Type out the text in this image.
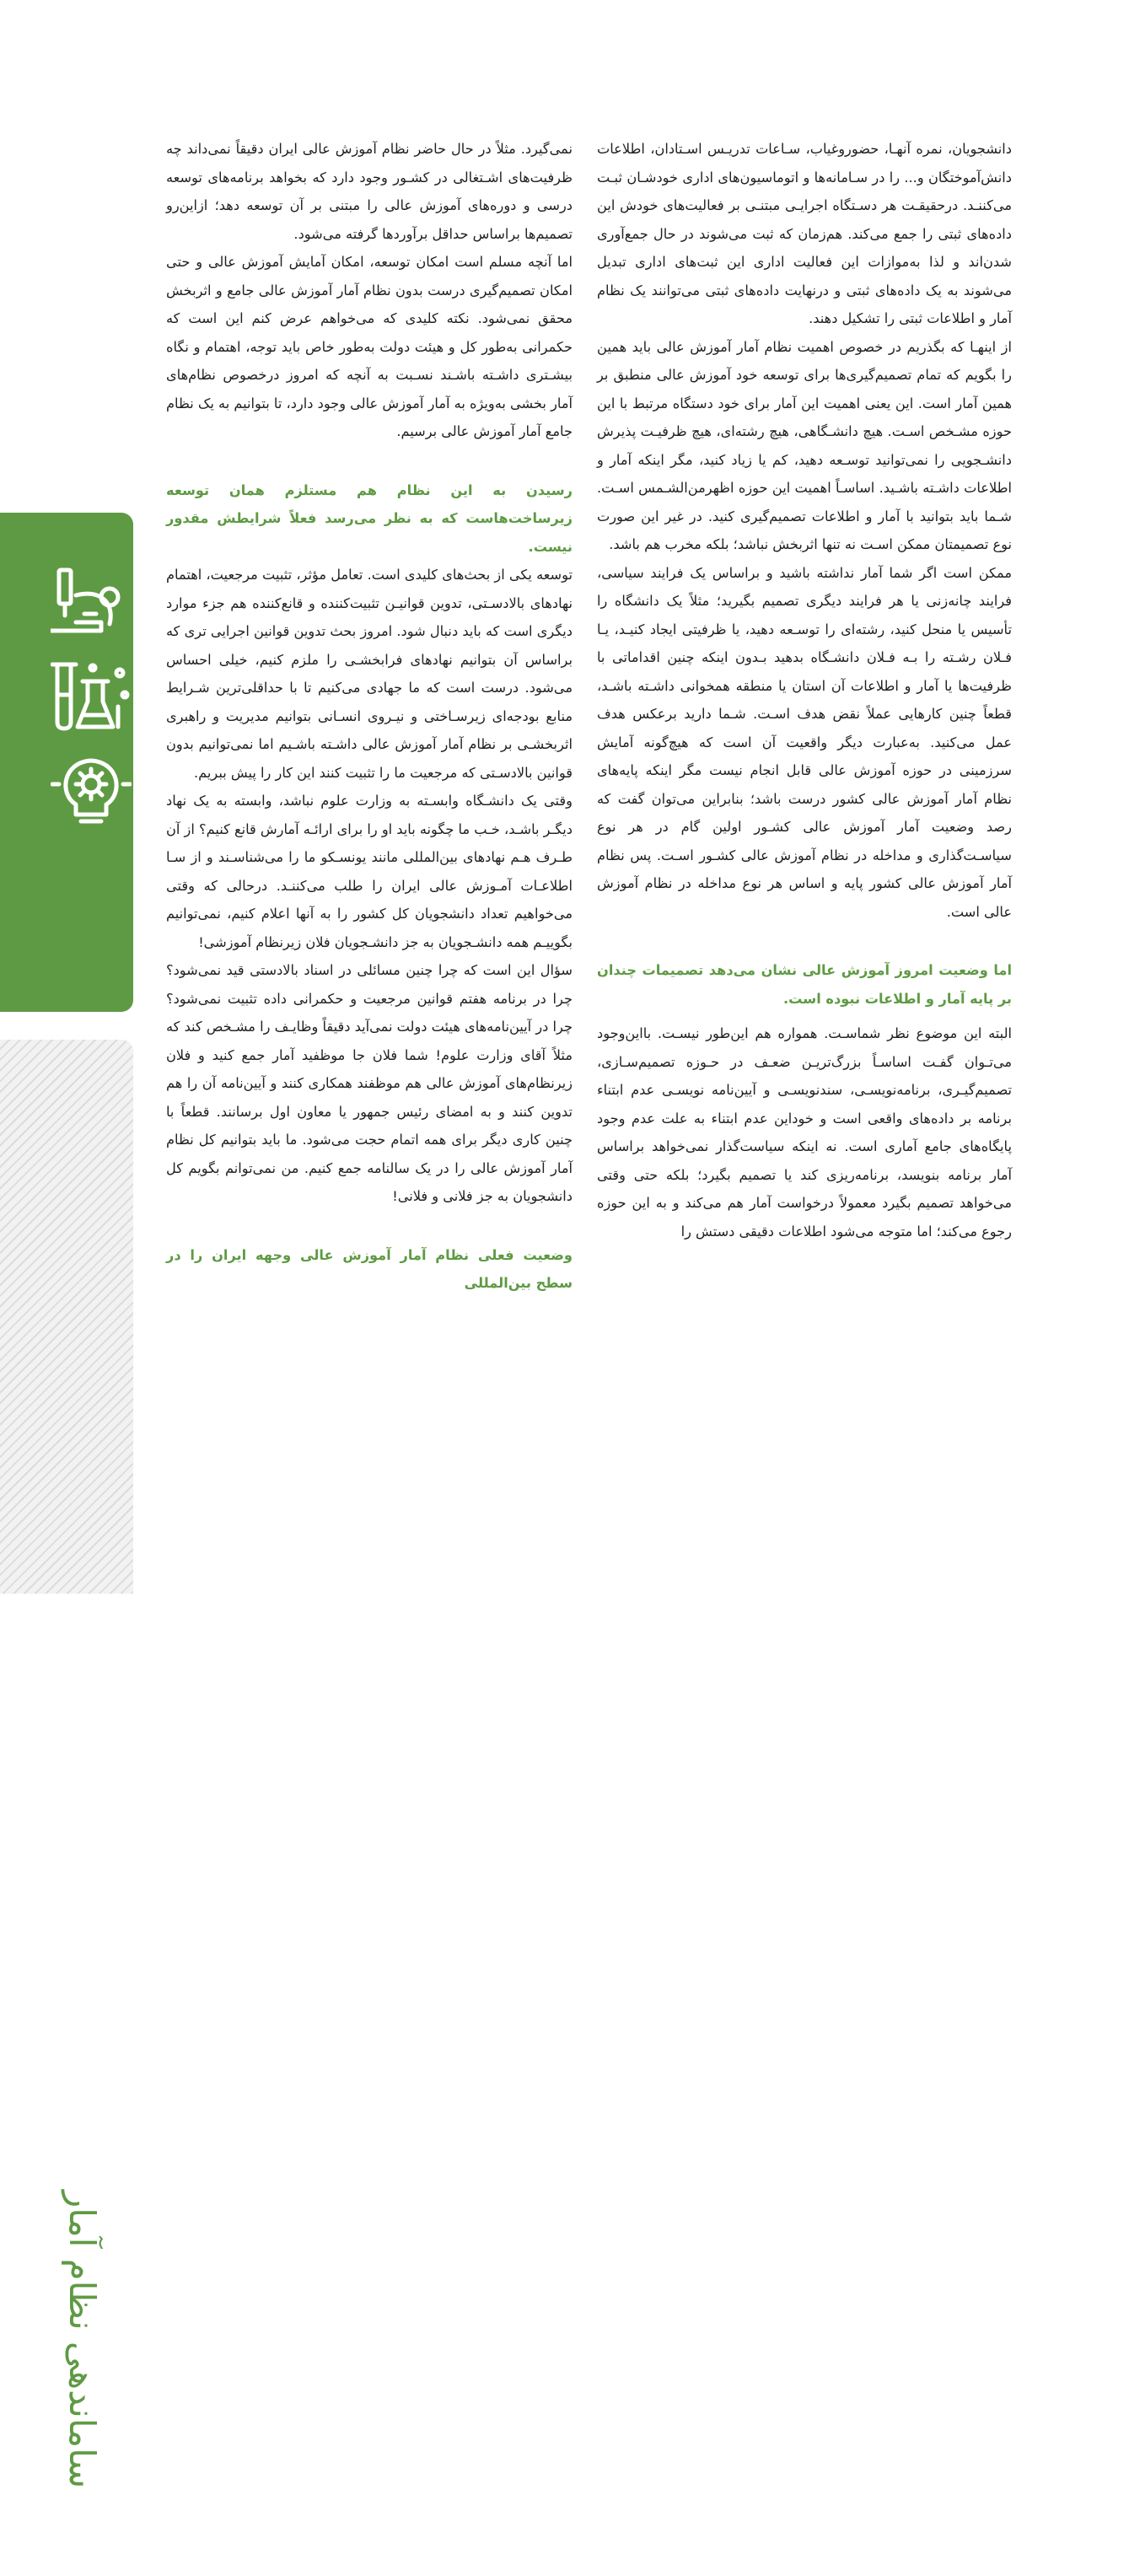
ساماندهی نظام آمار

دانشجویان، نمره آنهـا، حضوروغیاب، سـاعات تدریـس اسـتادان، اطلاعات دانش‌آموختگان و... را در سـامانه‌ها و اتوماسیون‌های اداری خودشـان ثبـت می‌کننـد. درحقیقـت هر دسـتگاه اجرایـی مبتنـی بر فعالیت‌های خودش این داده‌های ثبتی را جمع می‌کند. هم‌زمان که ثبت می‌شوند در حال جمع‌آوری شدن‌اند و لذا به‌موازات این فعالیت اداری این ثبت‌های اداری تبدیل می‌شوند به یک داده‌های ثبتی و درنهایت داده‌های ثبتی می‌توانند یک نظام آمار و اطلاعات ثبتی را تشکیل دهند.

از اینهـا که بگذریم در خصوص اهمیت نظام آمار آموزش عالی باید همین را بگویم که تمام تصمیم‌گیری‌ها برای توسعه خود آموزش عالی منطبق بر همین آمار است. این یعنی اهمیت این آمار برای خود دستگاه مرتبط با این حوزه مشـخص اسـت. هیچ دانشـگاهی، هیچ رشته‌ای، هیچ ظرفیـت پذیرش دانشـجویی را نمی‌توانید توسـعه دهید، کم یا زیاد کنید، مگر اینکه آمار و اطلاعات داشـته باشـید. اساسـاً اهمیت این حوزه اظهرمن‌الشـمس اسـت. شـما باید بتوانید با آمار و اطلاعات تصمیم‌گیری کنید. در غیر این صورت نوع تصمیمتان ممکن اسـت نه تنها اثربخش نباشد؛ بلکه مخرب هم باشد.

ممکن است اگر شما آمار نداشته باشید و براساس یک فرایند سیاسی، فرایند چانه‌زنی یا هر فرایند دیگری تصمیم بگیرید؛ مثلاً یک دانشگاه را تأسیس یا منحل کنید، رشته‌ای را توسـعه دهید، یا ظرفیتی ایجاد کنیـد، یـا فـلان رشـته را بـه فـلان دانشـگاه بدهید بـدون اینکه چنین اقداماتی با ظرفیت‌ها یا آمار و اطلاعات آن استان یا منطقه همخوانی داشـته باشـد، قطعاً چنین کارهایی عملاً نقض هدف اسـت. شـما دارید برعکس هدف عمل می‌کنید. به‌عبارت دیگر واقعیت آن است که هیچ‌گونه آمایش سرزمینی در حوزه آموزش عالی قابل انجام نیست مگر اینکه پایه‌های نظام آمار آموزش عالی کشور درست باشد؛ بنابراین می‌توان گفت که رصد وضعیت آمار آموزش عالی کشـور اولین گام در هر نوع سیاسـت‌گذاری و مداخله در نظام آموزش عالی کشـور اسـت. پس نظام آمار آموزش عالی کشور پایه و اساس هر نوع مداخله در نظام آموزش عالی است.

اما وضعیت امروز آموزش عالی نشان می‌دهد تصمیمات چندان بر پایه آمار و اطلاعات نبوده است.

البته این موضوع نظر شماسـت. همواره هم این‌طور نیسـت. بااین‌وجود می‌تـوان گفـت اساسـاً بزرگ‌تریـن ضعـف در حـوزه تصمیم‌سـازی، تصمیم‌گیـری، برنامه‌نویسـی، سندنویسـی و آیین‌نامه نویسـی عدم ابتناء برنامه بر داده‌های واقعی است و خوداین عدم ابتناء به علت عدم وجود پایگاه‌های جامع آماری است. نه اینکه سیاست‌گذار نمی‌خواهد براساس آمار برنامه بنویسد، برنامه‌ریزی کند یا تصمیم بگیرد؛ بلکه حتی وقتی می‌خواهد تصمیم بگیرد معمولاً درخواست آمار هم می‌کند و به این حوزه رجوع می‌کند؛ اما متوجه می‌شود اطلاعات دقیقی دستش را

نمی‌گیرد. مثلاً در حال حاضر نظام آموزش عالی ایران دقیقاً نمی‌داند چه ظرفیت‌های اشـتغالی در کشـور وجود دارد که بخواهد برنامه‌های توسعه درسی و دوره‌های آموزش عالی را مبتنی بر آن توسعه دهد؛ ازاین‌رو تصمیم‌ها براساس حداقل برآوردها گرفته می‌شود.

اما آنچه مسلم است امکان توسعه، امکان آمایش آموزش عالی و حتی امکان تصمیم‌گیری درست بدون نظام آمار آموزش عالی جامع و اثربخش محقق نمی‌شود. نکته کلیدی که می‌خواهم عرض کنم این است که حکمرانی به‌طور کل و هیئت دولت به‌طور خاص باید توجه، اهتمام و نگاه بیشـتری داشـته باشـند نسـبت به آنچه که امروز درخصوص نظام‌های آمار بخشی به‌ویژه به آمار آموزش عالی وجود دارد، تا بتوانیم به یک نظام جامع آمار آموزش عالی برسیم.

رسیدن به این نظام هم مستلزم همان توسعه زیرساخت‌هاست که به نظر می‌رسد فعلاً شرایطش مقدور نیست.

توسعه یکی از بحث‌های کلیدی است. تعامل مؤثر، تثبیت مرجعیت، اهتمام نهادهای بالادسـتی، تدوین قوانیـن تثبیت‌کننده و قانع‌کننده هم جزء موارد دیگری است که باید دنبال شود. امروز بحث تدوین قوانین اجرایی تری که براساس آن بتوانیم نهادهای فرابخشـی را ملزم کنیم، خیلی احساس می‌شود. درست است که ما جهادی می‌کنیم تا با حداقلی‌ترین شـرایط منابع بودجه‌ای زیرسـاختی و نیـروی انسـانی بتوانیم مدیریت و راهبری اثربخشـی بر نظام آمار آموزش عالی داشـته باشـیم اما نمی‌توانیم بدون قوانین بالادسـتی که مرجعیت ما را تثبیت کنند این کار را پیش ببریم.

وقتی یک دانشـگاه وابسـته به وزارت علوم نباشد، وابسته به یک نهاد دیگـر باشـد، خـب ما چگونه باید او را برای ارائـه آمارش قانع کنیم؟ از آن طـرف هـم نهادهای بین‌المللی مانند یونسـکو ما را می‌شناسـند و از سـا اطلاعـات آمـوزش عالی ایران را طلب می‌کننـد. درحالی که وقتی می‌خواهیم تعداد دانشجویان کل کشور را به آنها اعلام کنیم، نمی‌توانیم بگوییـم همه دانشـجویان به جز دانشـجویان فلان زیرنظام آموزشی!

سؤال این است که چرا چنین مسائلی در اسناد بالادستی قید نمی‌شود؟ چرا در برنامه هفتم قوانین مرجعیت و حکمرانی داده تثبیت نمی‌شود؟ چرا در آیین‌نامه‌های هیئت دولت نمی‌آید دقیقاً وظایـف را مشـخص کند که مثلاً آقای وزارت علوم! شما فلان جا موظفید آمار جمع کنید و فلان زیرنظام‌های آموزش عالی هم موظفند همکاری کنند و آیین‌نامه آن را هم تدوین کنند و به امضای رئیس جمهور یا معاون اول برسانند. قطعاً با چنین کاری دیگر برای همه اتمام حجت می‌شود. ما باید بتوانیم کل نظام آمار آموزش عالی را در یک سالنامه جمع کنیم. من نمی‌توانم بگویم کل دانشجویان به جز فلانی و فلانی!

وضعیت فعلی نظام آمار آموزش عالی وجهه ایران را در سطح بین‌المللی
